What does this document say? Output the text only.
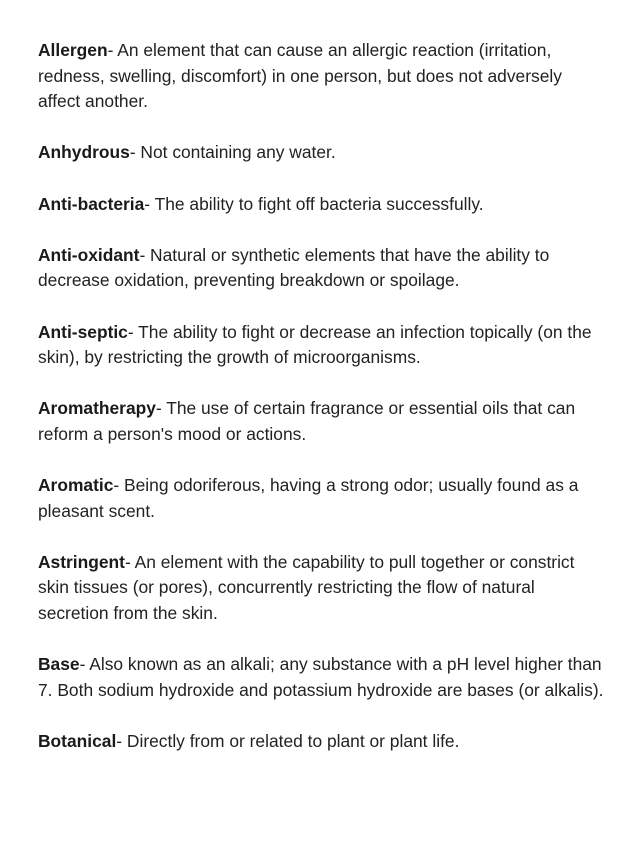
Allergen- An element that can cause an allergic reaction (irritation, redness, swelling, discomfort) in one person, but does not adversely affect another.

Anhydrous- Not containing any water.

Anti-bacteria- The ability to fight off bacteria successfully.

Anti-oxidant- Natural or synthetic elements that have the ability to decrease oxidation, preventing breakdown or spoilage.

Anti-septic- The ability to fight or decrease an infection topically (on the skin), by restricting the growth of microorganisms.

Aromatherapy- The use of certain fragrance or essential oils that can reform a person's mood or actions.

Aromatic- Being odoriferous, having a strong odor; usually found as a pleasant scent.

Astringent- An element with the capability to pull together or constrict skin tissues (or pores), concurrently restricting the flow of natural secretion from the skin.

Base- Also known as an alkali; any substance with a pH level higher than 7. Both sodium hydroxide and potassium hydroxide are bases (or alkalis).

Botanical- Directly from or related to plant or plant life.
